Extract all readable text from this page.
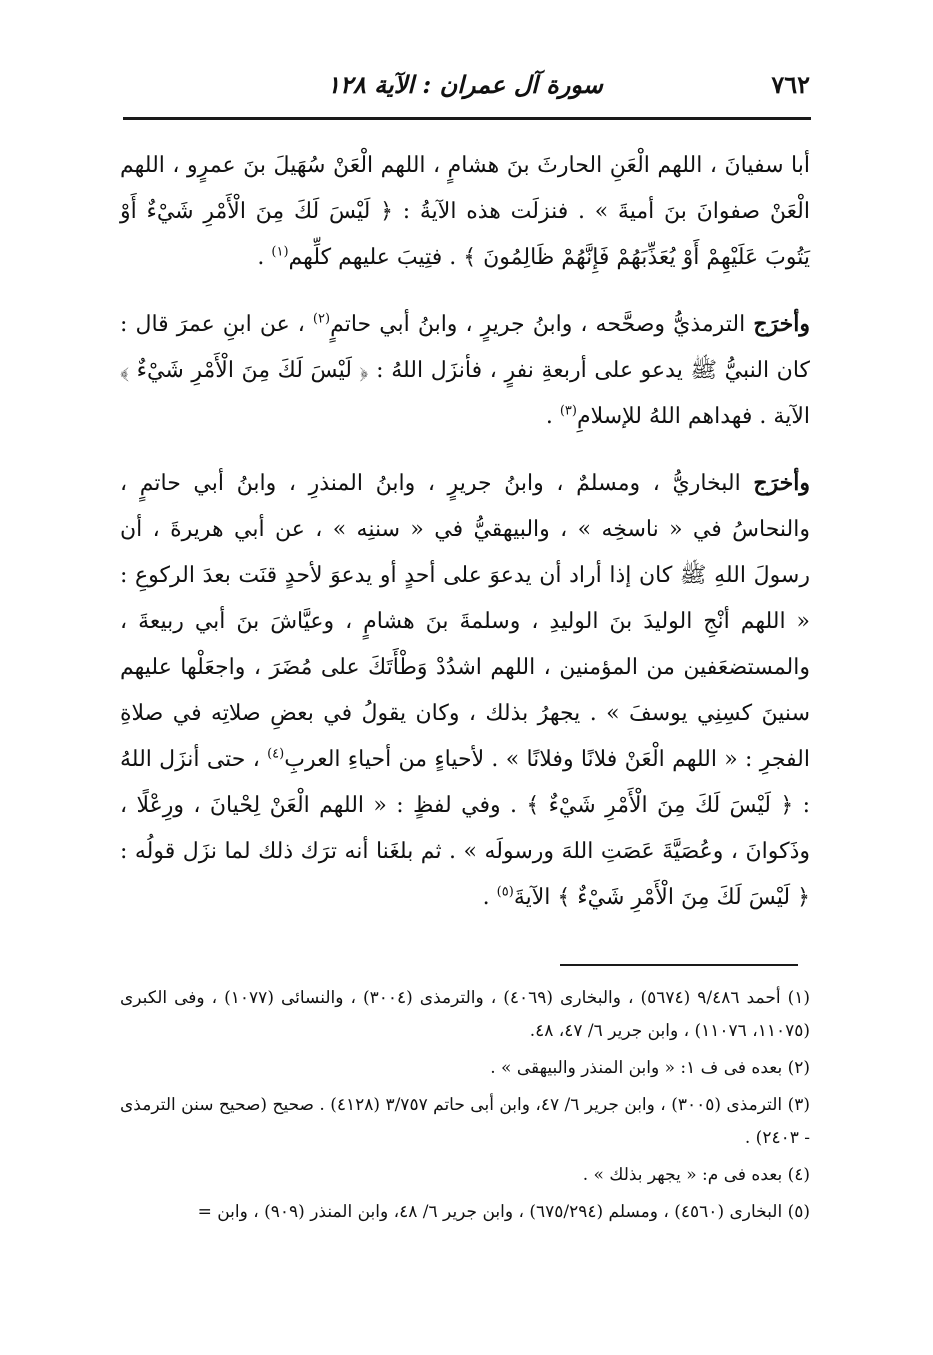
٧٦٢
سورة آل عمران : الآية ١٢٨

أبا سفيانَ ، اللهم الْعَنِ الحارثَ بنَ هشامٍ ، اللهم الْعَنْ سُهَيلَ بنَ عمرٍو ، اللهم الْعَنْ صفوانَ بنَ أميةَ » . فنزلَت هذه الآيةُ : ﴿ لَيْسَ لَكَ مِنَ الْأَمْرِ شَيْءٌ أَوْ يَتُوبَ عَلَيْهِمْ أَوْ يُعَذِّبَهُمْ فَإِنَّهُمْ ظَالِمُونَ ﴾ . فتِيبَ عليهم كلِّهم$^{(١)}$ .

وأخرَج الترمذيُّ وصحَّحه ، وابنُ جريرٍ ، وابنُ أبي حاتمٍ$^{(٢)}$ ، عن ابنِ عمرَ قال : كان النبيُّ ﷺ يدعو على أربعةِ نفرٍ ، فأنزَل اللهُ : ﴿ لَيْسَ لَكَ مِنَ الْأَمْرِ شَيْءٌ ﴾ الآية . فهداهم اللهُ للإسلامِ$^{(٣)}$ .

وأخرَج البخاريُّ ، ومسلمٌ ، وابنُ جريرٍ ، وابنُ المنذرِ ، وابنُ أبي حاتمٍ ، والنحاسُ في « ناسخِه » ، والبيهقيُّ في « سننِه » ، عن أبي هريرةَ ، أن رسولَ اللهِ ﷺ كان إذا أراد أن يدعوَ على أحدٍ أو يدعوَ لأحدٍ قنَت بعدَ الركوعِ : « اللهم أنْجِ الوليدَ بنَ الوليدِ ، وسلمةَ بنَ هشامٍ ، وعيَّاشَ بنَ أبي ربيعةَ ، والمستضعَفين من المؤمنين ، اللهم اشدُدْ وَطْأَتَكَ على مُضَرَ ، واجعَلْها عليهم سنينَ كسِنِي يوسفَ » . يجهرُ بذلك ، وكان يقولُ في بعضِ صلاتِه في صلاةِ الفجرِ : « اللهم الْعَنْ فلانًا وفلانًا » . لأحياءٍ من أحياءِ العربِ$^{(٤)}$ ، حتى أنزَل اللهُ : ﴿ لَيْسَ لَكَ مِنَ الْأَمْرِ شَيْءٌ ﴾ . وفي لفظٍ : « اللهم الْعَنْ لِحْيانَ ، ورِعْلًا ، وذَكوانَ ، وعُصَيَّةَ عَصَتِ اللهَ ورسولَه » . ثم بلغَنا أنه ترَك ذلك لما نزَل قولُه : ﴿ لَيْسَ لَكَ مِنَ الْأَمْرِ شَيْءٌ ﴾ الآيةَ$^{(٥)}$ .

(١) أحمد ٩/٤٨٦ (٥٦٧٤) ، والبخارى (٤٠٦٩) ، والترمذى (٣٠٠٤) ، والنسائى (١٠٧٧) ، وفى الكبرى (١١٠٧٥، ١١٠٧٦) ، وابن جرير ٦/ ٤٧، ٤٨.

(٢) بعده فى ف ١: « وابن المنذر والبيهقى » .

(٣) الترمذى (٣٠٠٥) ، وابن جرير ٦/ ٤٧، وابن أبى حاتم ٣/٧٥٧ (٤١٢٨) . صحيح (صحيح سنن الترمذى - ٢٤٠٣) .

(٤) بعده فى م: « يجهر بذلك » .

(٥) البخارى (٤٥٦٠) ، ومسلم (٦٧٥/٢٩٤) ، وابن جرير ٦/ ٤٨، وابن المنذر (٩٠٩) ، وابن =
